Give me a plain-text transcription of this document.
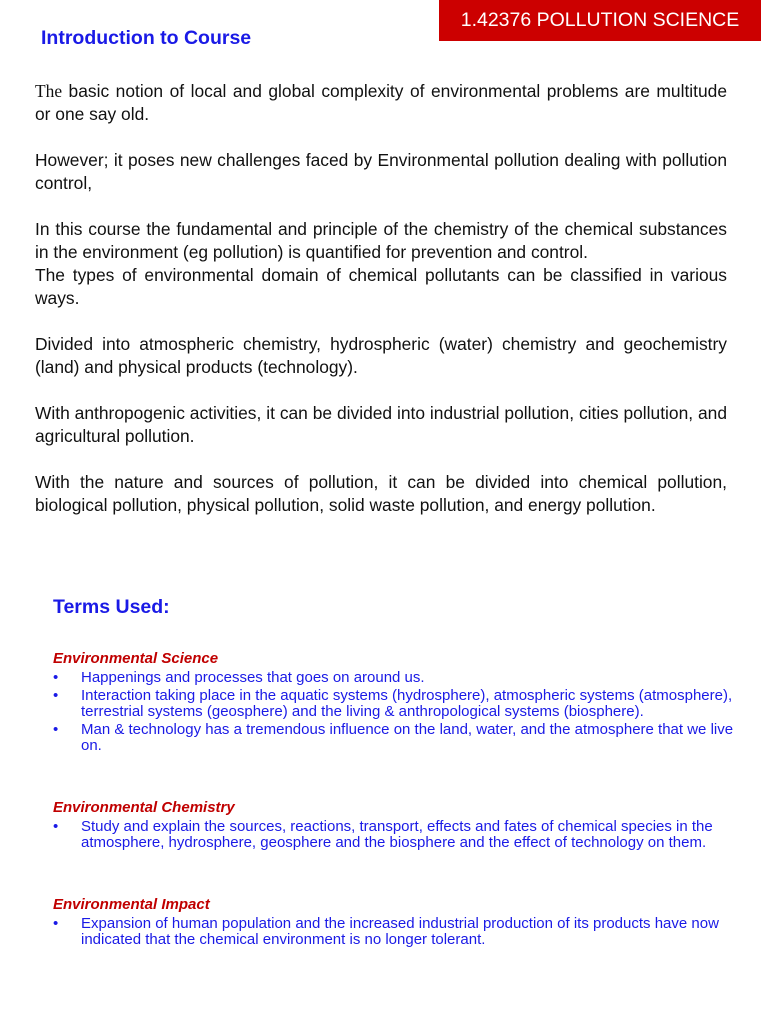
1.42376 POLLUTION SCIENCE
Introduction to Course

The basic notion of local and global complexity of environmental problems are multitude or one say old.

However; it poses new challenges faced by Environmental pollution dealing with pollution control,

In this course the fundamental and principle of the chemistry of the chemical substances in the environment (eg pollution) is quantified for prevention and control.

The types of environmental domain of chemical pollutants can be classified in various ways.

Divided into atmospheric chemistry, hydrospheric (water) chemistry and geochemistry (land) and physical products (technology).

With anthropogenic activities, it can be divided into industrial pollution, cities pollution, and agricultural pollution.

With the nature and sources of pollution, it can be divided into chemical pollution, biological pollution, physical pollution, solid waste pollution, and energy pollution.

Terms Used:

Environmental Science

• Happenings and processes that goes on around us.
• Interaction taking place in the aquatic systems (hydrosphere), atmospheric systems (atmosphere), terrestrial systems (geosphere) and the living & anthropological systems (biosphere).
• Man & technology has a tremendous influence on the land, water, and the atmosphere that we live on.

Environmental Chemistry

• Study and explain the sources, reactions, transport, effects and fates of chemical species in the atmosphere, hydrosphere, geosphere and the biosphere and the effect of technology on them.

Environmental Impact

• Expansion of human population and the increased industrial production of its products have now indicated that the chemical environment is no longer tolerant.
